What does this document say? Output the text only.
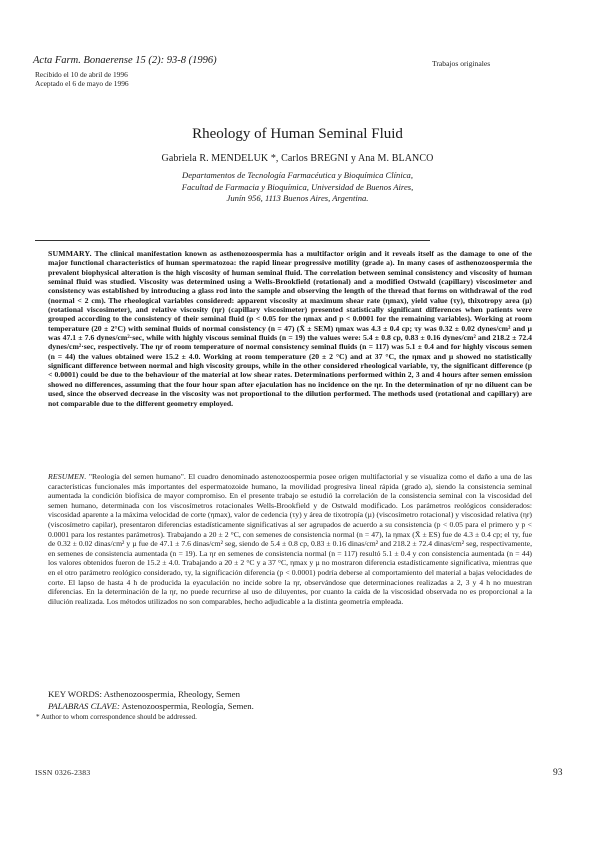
Acta Farm. Bonaerense 15 (2): 93-8 (1996)
Recibido el 10 de abril de 1996
Aceptado el 6 de mayo de 1996
Trabajos originales
Rheology of Human Seminal Fluid
Gabriela R. MENDELUK *, Carlos BREGNI y Ana M. BLANCO
Departamentos de Tecnología Farmacéutica y Bioquímica Clínica,
Facultad de Farmacia y Bioquímica, Universidad de Buenos Aires,
Junín 956, 1113 Buenos Aires, Argentina.

SUMMARY. The clinical manifestation known as asthenozoospermia has a multifactor origin and it reveals itself as the damage to one of the major functional characteristics of human spermatozoa: the rapid linear progressive motility (grade a). In many cases of asthenozoospermia the prevalent biophysical alteration is the high viscosity of human seminal fluid. The correlation between seminal consistency and viscosity of human seminal fluid was studied. Viscosity was determined using a Wells-Brookfield (rotational) and a modified Ostwald (capillary) viscosimeter and consistency was established by introducing a glass rod into the sample and observing the length of the thread that forms on withdrawal of the rod (normal < 2 cm). The rheological variables considered: apparent viscosity at maximum shear rate (ηmax), yield value (τy), thixotropy area (µ) (rotational viscosimeter), and relative viscosity (ηr) (capillary viscosimeter) presented statistically significant differences when patients were grouped according to the consistency of their seminal fluid (p < 0.05 for the ηmax and p < 0.0001 for the remaining variables). Working at room temperature (20 ± 2°C) with seminal fluids of normal consistency (n = 47) (X̄ ± SEM) ηmax was 4.3 ± 0.4 cp; τy was 0.32 ± 0.02 dynes/cm² and µ was 47.1 ± 7.6 dynes/cm²·sec, while with highly viscous seminal fluids (n = 19) the values were: 5.4 ± 0.8 cp, 0.83 ± 0.16 dynes/cm² and 218.2 ± 72.4 dynes/cm²·sec, respectively. The ηr of room temperature of normal consistency seminal fluids (n = 117) was 5.1 ± 0.4 and for highly viscous semen (n = 44) the values obtained were 15.2 ± 4.0. Working at room temperature (20 ± 2 °C) and at 37 °C, the ηmax and µ showed no statistically significant difference between normal and high viscosity groups, while in the other considered rheological variable, τy, the significant difference (p < 0.0001) could be due to the behaviour of the material at low shear rates. Determinations performed within 2, 3 and 4 hours after semen emission showed no differences, assuming that the four hour span after ejaculation has no incidence on the ηr. In the determination of ηr no diluent can be used, since the observed decrease in the viscosity was not proportional to the dilution performed. The methods used (rotational and capillary) are not comparable due to the different geometry employed.

RESUMEN. "Reología del semen humano". El cuadro denominado astenozoospermia posee origen multifactorial y se visualiza como el daño a una de las características funcionales más importantes del espermatozoide humano, la movilidad progresiva lineal rápida (grado a), siendo la consistencia seminal aumentada la condición biofísica de mayor compromiso. En el presente trabajo se estudió la correlación de la consistencia seminal con la viscosidad del semen humano, determinada con los viscosímetros rotacionales Wells-Brookfield y de Ostwald modificado. Los parámetros reológicos considerados: viscosidad aparente a la máxima velocidad de corte (ηmax), valor de cedencia (τy) y área de tixotropía (µ) (viscosímetro rotacional) y viscosidad relativa (ηr) (viscosímetro capilar), presentaron diferencias estadísticamente significativas al ser agrupados de acuerdo a su consistencia (p < 0.05 para el primero y p < 0.0001 para los restantes parámetros). Trabajando a 20 ± 2 °C, con semenes de consistencia normal (n = 47), la ηmax (X̄ ± ES) fue de 4.3 ± 0.4 cp; el τy, fue de 0.32 ± 0.02 dinas/cm² y µ fue de 47.1 ± 7.6 dinas/cm² seg, siendo de 5.4 ± 0.8 cp, 0.83 ± 0.16 dinas/cm² and 218.2 ± 72.4 dinas/cm² seg, respectivamente, en semenes de consistencia aumentada (n = 19). La ηr en semenes de consistencia normal (n = 117) resultó 5.1 ± 0.4 y con consistencia aumentada (n = 44) los valores obtenidos fueron de 15.2 ± 4.0. Trabajando a 20 ± 2 °C y a 37 °C, ηmax y µ no mostraron diferencia estadísticamente significativa, mientras que en el otro parámetro reológico considerado, τy, la significación diferencia (p < 0.0001) podría deberse al comportamiento del material a bajas velocidades de corte. El lapso de hasta 4 h de producida la eyaculación no incide sobre la ηr, observándose que determinaciones realizadas a 2, 3 y 4 h no muestran diferencias. En la determinación de la ηr, no puede recurrirse al uso de diluyentes, por cuanto la caída de la viscosidad observada no es proporcional a la dilución realizada. Los métodos utilizados no son comparables, hecho adjudicable a la distinta geometría empleada.

KEY WORDS: Asthenozoospermia, Rheology, Semen
PALABRAS CLAVE: Astenozoospermia, Reología, Semen.
* Author to whom correspondence should be addressed.
ISSN 0326-2383	93
